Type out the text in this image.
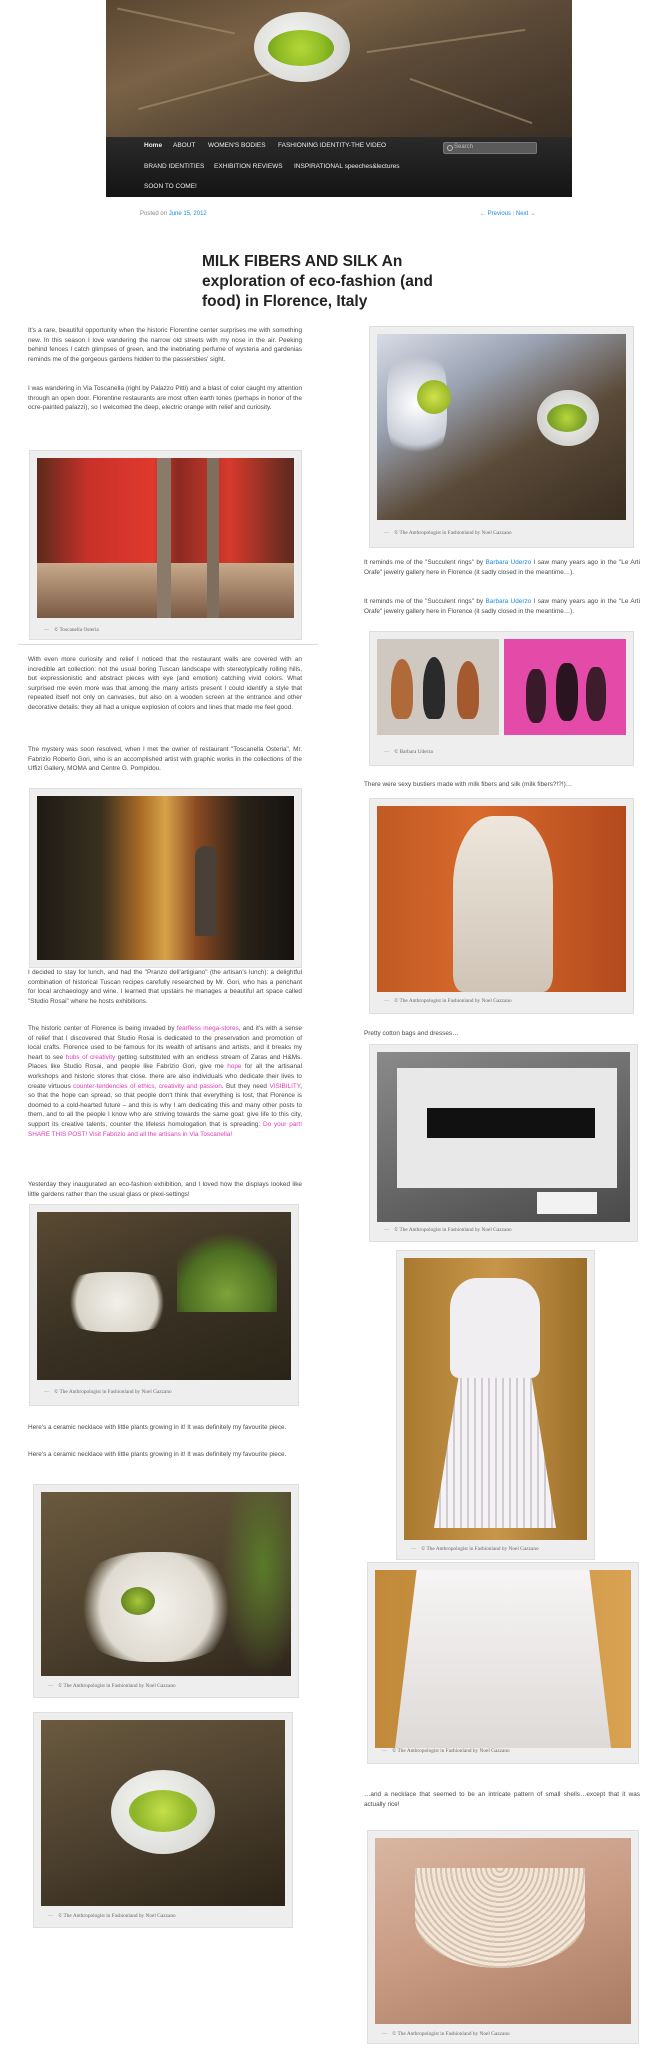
Home ABOUT WOMEN'S BODIES FASHIONING IDENTITY-THE VIDEO
BRAND IDENTITIES EXHIBITION REVIEWS INSPIRATIONAL speeches&lectures
SOON TO COME!
Search
Posted on June 15, 2012	← Previous | Next →
MILK FIBERS AND SILK An exploration of eco-fashion (and food) in Florence, Italy
It's a rare, beautiful opportunity when the historic Florentine center surprises me with something new. In this season I love wandering the narrow old streets with my nose in the air. Peeking behind fences I catch glimpses of green, and the inebriating perfume of wysteria and gardenias reminds me of the gorgeous gardens hidden to the passersbies' sight.
I was wandering in Via Toscanella (right by Palazzo Pitti) and a blast of color caught my attention through an open door. Florentine restaurants are most often earth tones (perhaps in honor of the ocre-painted palazzi), so I welcomed the deep, electric orange with relief and curiosity.
— © Toscanella Osteria
With even more curiosity and relief I noticed that the restaurant walls are covered with an incredible art collection: not the usual boring Tuscan landscape with stereotypically rolling hills, but expressionistic and abstract pieces with eye (and emotion) catching vivid colors. What surprised me even more was that among the many artists present I could identify a style that repeated itself not only on canvases, but also on a wooden screen at the entrance and other decorative details: they all had a unique explosion of colors and lines that made me feel good.
The mystery was soon resolved, when I met the owner of restaurant "Toscanella Osteria", Mr. Fabrizio Roberto Gori, who is an accomplished artist with graphic works in the collections of the Uffizi Gallery, MOMA and Centre G. Pompidou.
I decided to stay for lunch, and had the "Pranzo dell'artigiano" (the artisan's lunch): a delightful combination of historical Tuscan recipes carefully researched by Mr. Gori, who has a penchant for local archaeology and wine. I learned that upstairs he manages a beautiful art space called "Studio Rosai" where he hosts exhibitions.
The historic center of Florence is being invaded by fearfless mega-stores, and it's with a sense of relief that I discovered that Studio Rosai is dedicated to the preservation and promotion of local crafts. Florence used to be famous for its wealth of artisans and artists, and it breaks my heart to see hubs of creativity getting substituted with an endless stream of Zaras and H&Ms. Places like Studio Rosai, and people like Fabrizio Gori, give me hope for all the artisanal workshops and historic stores that close. there are also individuals who dedicate their lives to create virtuous counter-tendencies of ethics, creativity and passion. But they need VISIBILITY, so that the hope can spread, so that people don't think that everything is lost, that Florence is doomed to a cold-hearted future – and this is why I am dedicating this and many other posts to them, and to all the people I know who are striving towards the same goal: give life to this city, support its creative talents, counter the lifeless homologation that is spreading: Do your part! SHARE THIS POST! Visit Fabrizio and all the artisans in Via Toscanella!
Yesterday they inaugurated an eco-fashion exhibition, and I loved how the displays looked like little gardens rather than the usual glass or plexi-settings!
— © The Anthropologist in Fashionland by Noel Gazzano
Here's a ceramic necklace with little plants growing in it! It was definitely my favourite piece.
Here's a ceramic necklace with little plants growing in it! It was definitely my favourite piece.
— © The Anthropologist in Fashionland by Noel Gazzano
— © The Anthropologist in Fashionland by Noel Gazzano
— © The Anthropologist in Fashionland by Noel Gazzano
It reminds me of the "Succulent rings" by Barbara Uderzo I saw many years ago in the "Le Arti Orafe" jewelry gallery here in Florence (it sadly closed in the meantime…).
It reminds me of the "Succulent rings" by Barbara Uderzo I saw many years ago in the "Le Arti Orafe" jewelry gallery here in Florence (it sadly closed in the meantime…).
— © Barbara Uderzo
There were sexy bustiers made with milk fibers and silk (milk fibers?!?!)…
— © The Anthropologist in Fashionland by Noel Gazzano
Pretty cotton bags and dresses…
— © The Anthropologist in Fashionland by Noel Gazzano
— © The Anthropologist in Fashionland by Noel Gazzano
— © The Anthropologist in Fashionland by Noel Gazzano
…and a necklace that seemed to be an intricate pattern of small shells…except that it was actually rice!
— © The Anthropologist in Fashionland by Noel Gazzano
